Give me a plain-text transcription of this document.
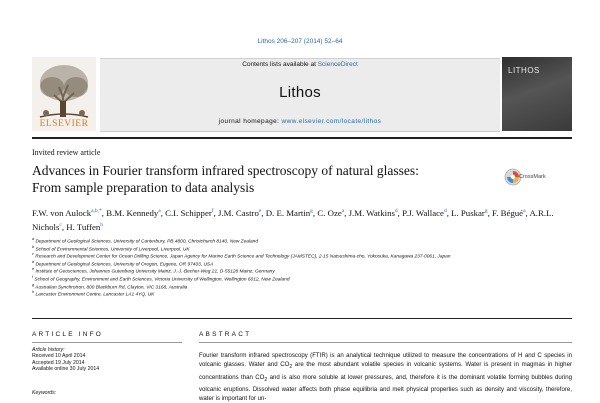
Lithos 206–207 (2014) 52–64
Contents lists available at ScienceDirect
Lithos
journal homepage: www.elsevier.com/locate/lithos
ELSEVIER
LITHOS
Invited review article
Advances in Fourier transform infrared spectroscopy of natural glasses:
From sample preparation to data analysis
CrossMark
F.W. von Aulock$^{a,b,*}$, B.M. Kennedy$^a$, C.I. Schipper$^f$, J.M. Castro$^e$, D. E. Martin$^g$, C. Oze$^a$, J.M. Watkins$^d$, P.J. Wallace$^d$, L. Puskar$^g$, F. Bégué$^a$, A.R.L. Nichols$^c$, H. Tuffen$^h$
$^a$ Department of Geological Sciences, University of Canterbury, PB 4800, Christchurch 8140, New Zealand
$^b$ School of Environmental Sciences, University of Liverpool, Liverpool, UK
$^c$ Research and Development Center for Ocean Drilling Science, Japan Agency for Marine Earth Science and Technology (JAMSTEC), 2-15 Natsushima-cho, Yokosuka, Kanagawa 237-0061, Japan
$^d$ Department of Geological Sciences, University of Oregon, Eugene, OR 97403, USA
$^e$ Institute of Geosciences, Johannes Gutenberg University Mainz, J.-J.-Becher-Weg 21, D-55128 Mainz, Germany
$^f$ School of Geography, Environment and Earth Sciences, Victoria University of Wellington, Wellington 6012, New Zealand
$^g$ Australian Synchrotron, 800 Blackburn Rd, Clayton, VIC 3168, Australia
$^h$ Lancaster Environment Centre, Lancaster LA1 4YQ, UK
ARTICLE INFO
Article history:
Received 10 April 2014
Accepted 19 July 2014
Available online 30 July 2014
Keywords:
ABSTRACT
Fourier transform infrared spectroscopy (FTIR) is an analytical technique utilized to measure the concentrations of H and C species in volcanic glasses. Water and $CO_2$ are the most abundant volatile species in volcanic systems. Water is present in magmas in higher concentrations than $CO_2$ and is also more soluble at lower pressures, and, therefore it is the dominant volatile forming bubbles during volcanic eruptions. Dissolved water affects both phase equilibria and melt physical properties such as density and viscosity, therefore, water is important for un-
